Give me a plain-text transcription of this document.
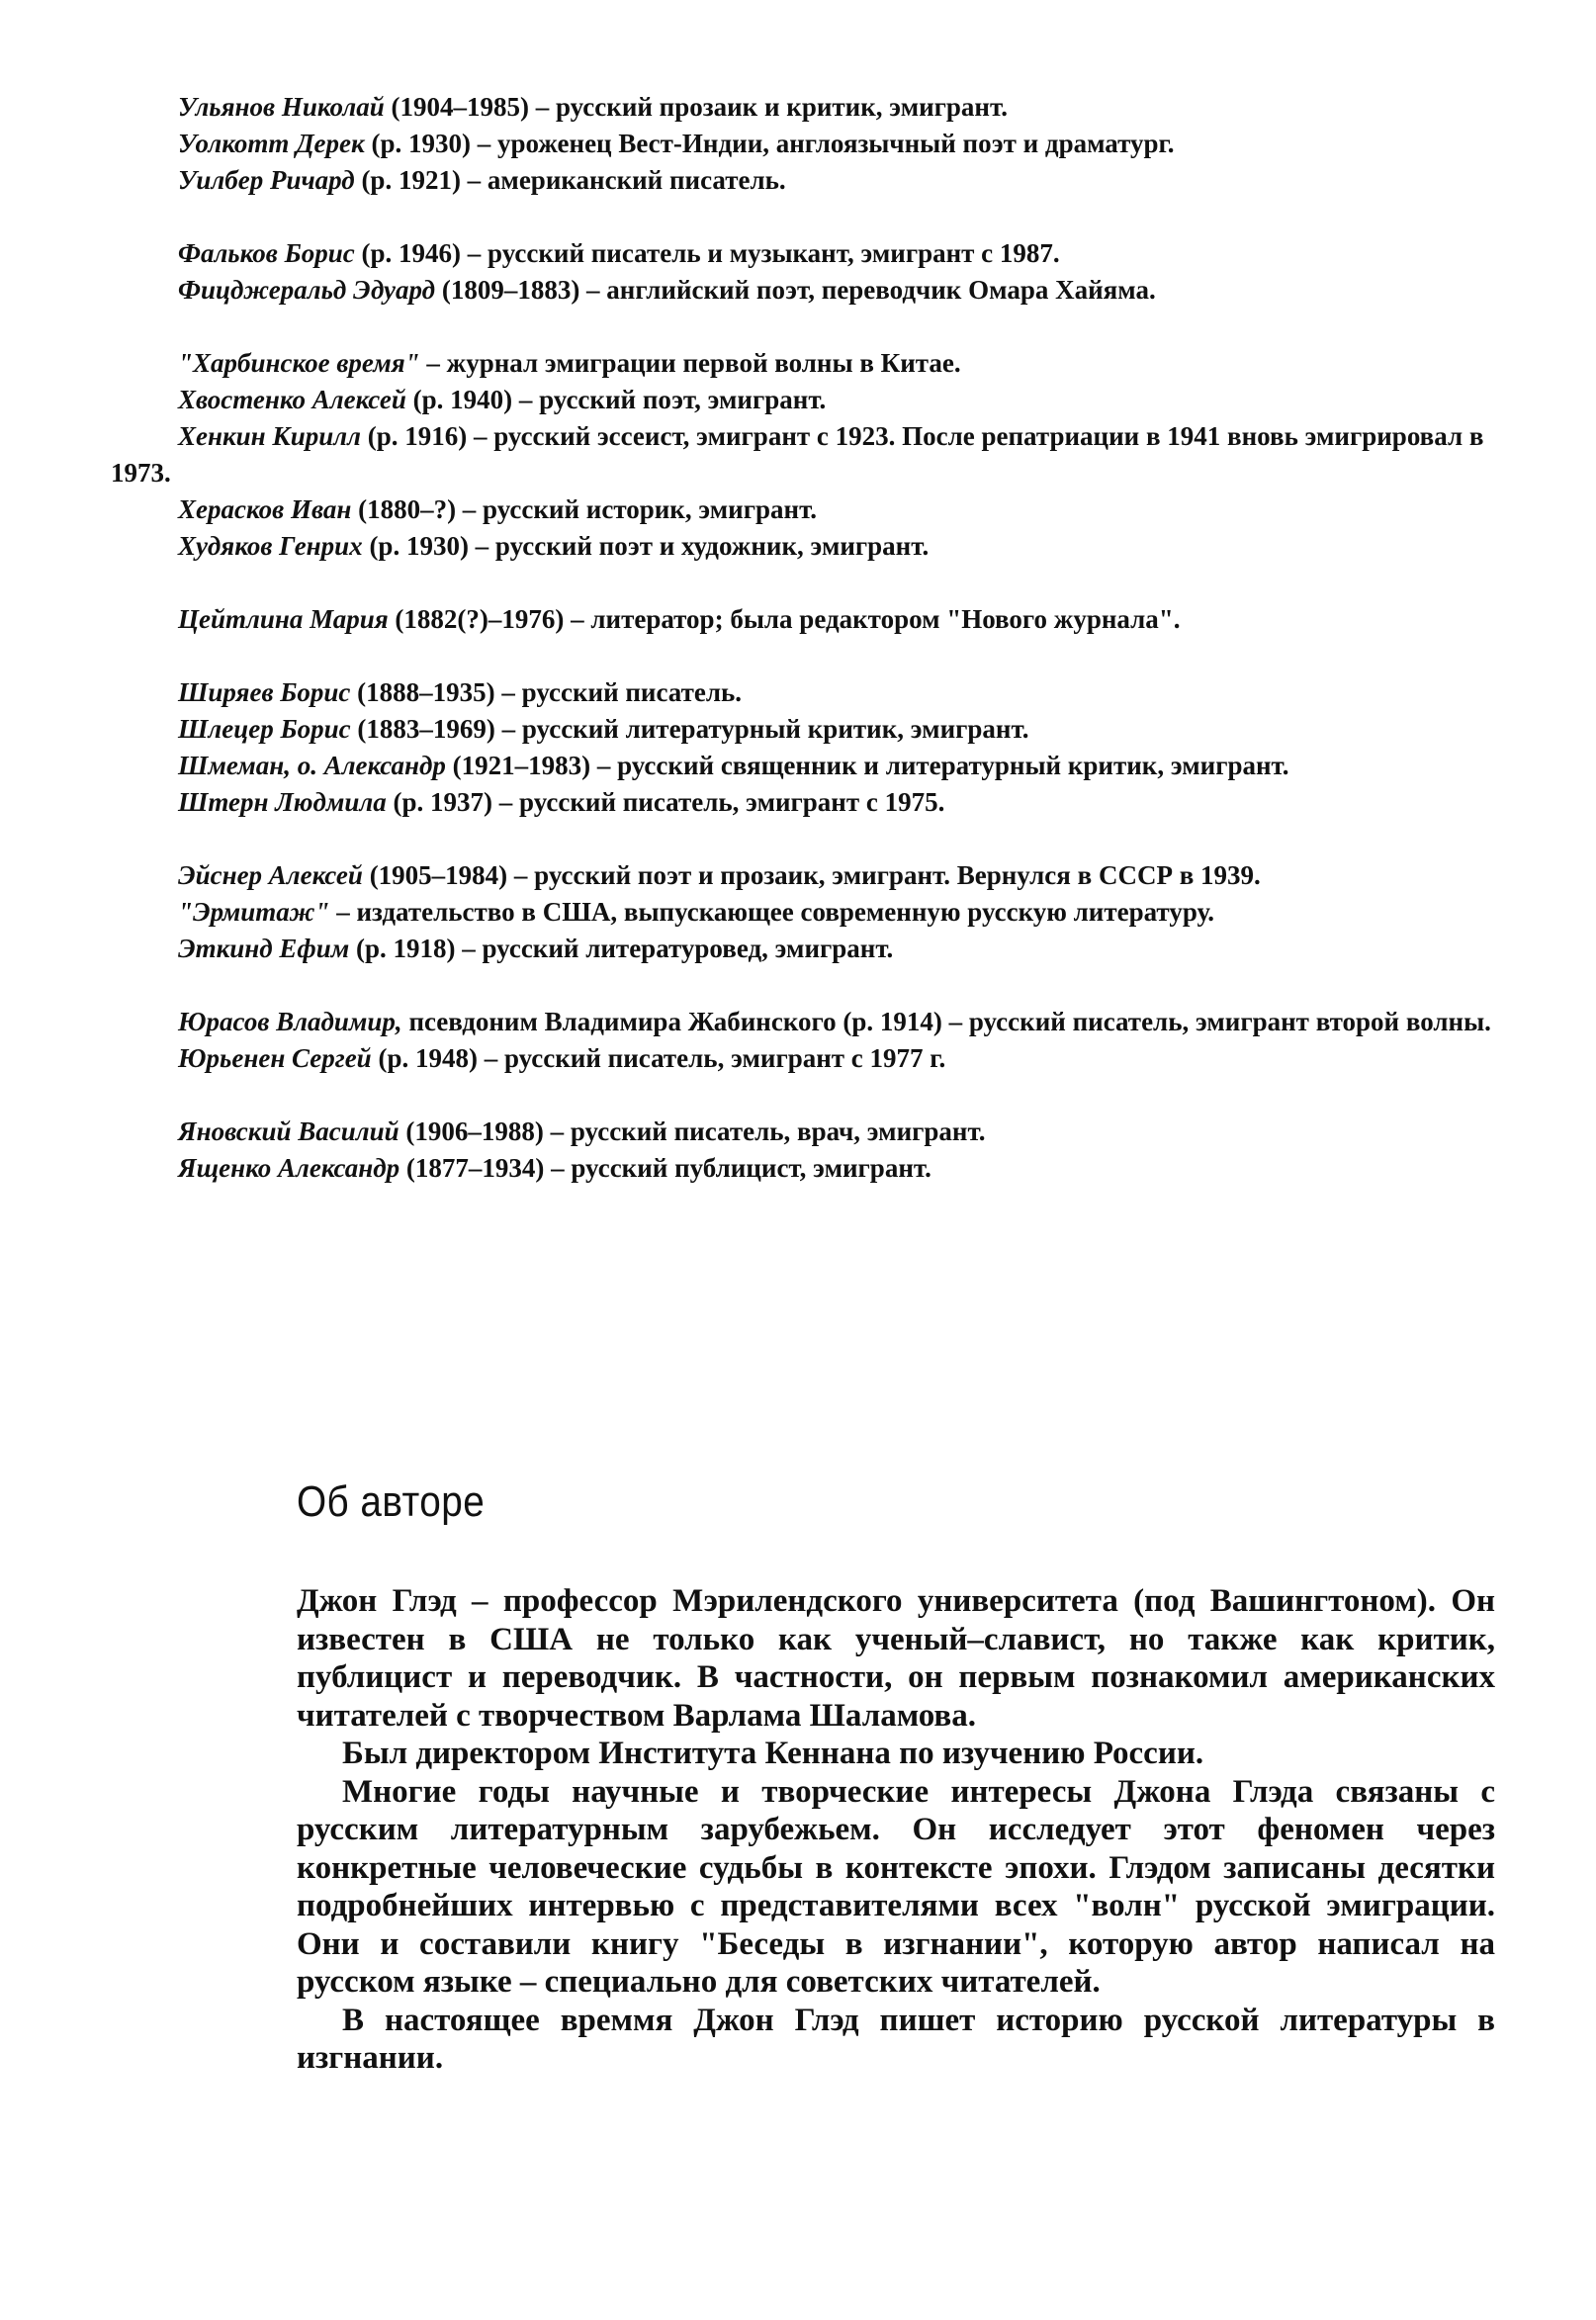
Ульянов Николай (1904–1985) – русский прозаик и критик, эмигрант.
Уолкотт Дерек (р. 1930) – уроженец Вест-Индии, англоязычный поэт и драматург.
Уилбер Ричард (р. 1921) – американский писатель.
Фальков Борис (р. 1946) – русский писатель и музыкант, эмигрант с 1987.
Фицджеральд Эдуард (1809–1883) – английский поэт, переводчик Омара Хайяма.
"Харбинское время" – журнал эмиграции первой волны в Китае.
Хвостенко Алексей (р. 1940) – русский поэт, эмигрант.
Хенкин Кирилл (р. 1916) – русский эссеист, эмигрант с 1923. После репатриации в 1941 вновь эмигрировал в 1973.
Херасков Иван (1880–?) – русский историк, эмигрант.
Худяков Генрих (р. 1930) – русский поэт и художник, эмигрант.
Цейтлина Мария (1882(?)–1976) – литератор; была редактором "Нового журнала".
Ширяев Борис (1888–1935) – русский писатель.
Шлецер Борис (1883–1969) – русский литературный критик, эмигрант.
Шмеман, о. Александр (1921–1983) – русский священник и литературный критик, эмигрант.
Штерн Людмила (р. 1937) – русский писатель, эмигрант с 1975.
Эйснер Алексей (1905–1984) – русский поэт и прозаик, эмигрант. Вернулся в СССР в 1939.
"Эрмитаж" – издательство в США, выпускающее современную русскую литературу.
Эткинд Ефим (р. 1918) – русский литературовед, эмигрант.
Юрасов Владимир, псевдоним Владимира Жабинского (р. 1914) – русский писатель, эмигрант второй волны.
Юрьенен Сергей (р. 1948) – русский писатель, эмигрант с 1977 г.
Яновский Василий (1906–1988) – русский писатель, врач, эмигрант.
Ященко Александр (1877–1934) – русский публицист, эмигрант.
Об авторе

Джон Глэд – профессор Мэрилендского университета (под Вашингтоном). Он известен в США не только как ученый–славист, но также как критик, публицист и переводчик. В частности, он первым познакомил американских читателей с творчеством Варлама Шаламова.

Был директором Института Кеннана по изучению России.

Многие годы научные и творческие интересы Джона Глэда связаны с русским литературным зарубежьем. Он исследует этот феномен через конкретные человеческие судьбы в контексте эпохи. Глэдом записаны десятки подробнейших интервью с представителями всех "волн" русской эмиграции. Они и составили книгу "Беседы в изгнании", которую автор написал на русском языке – специально для советских читателей.

В настоящее времмя Джон Глэд пишет историю русской литературы в изгнании.
